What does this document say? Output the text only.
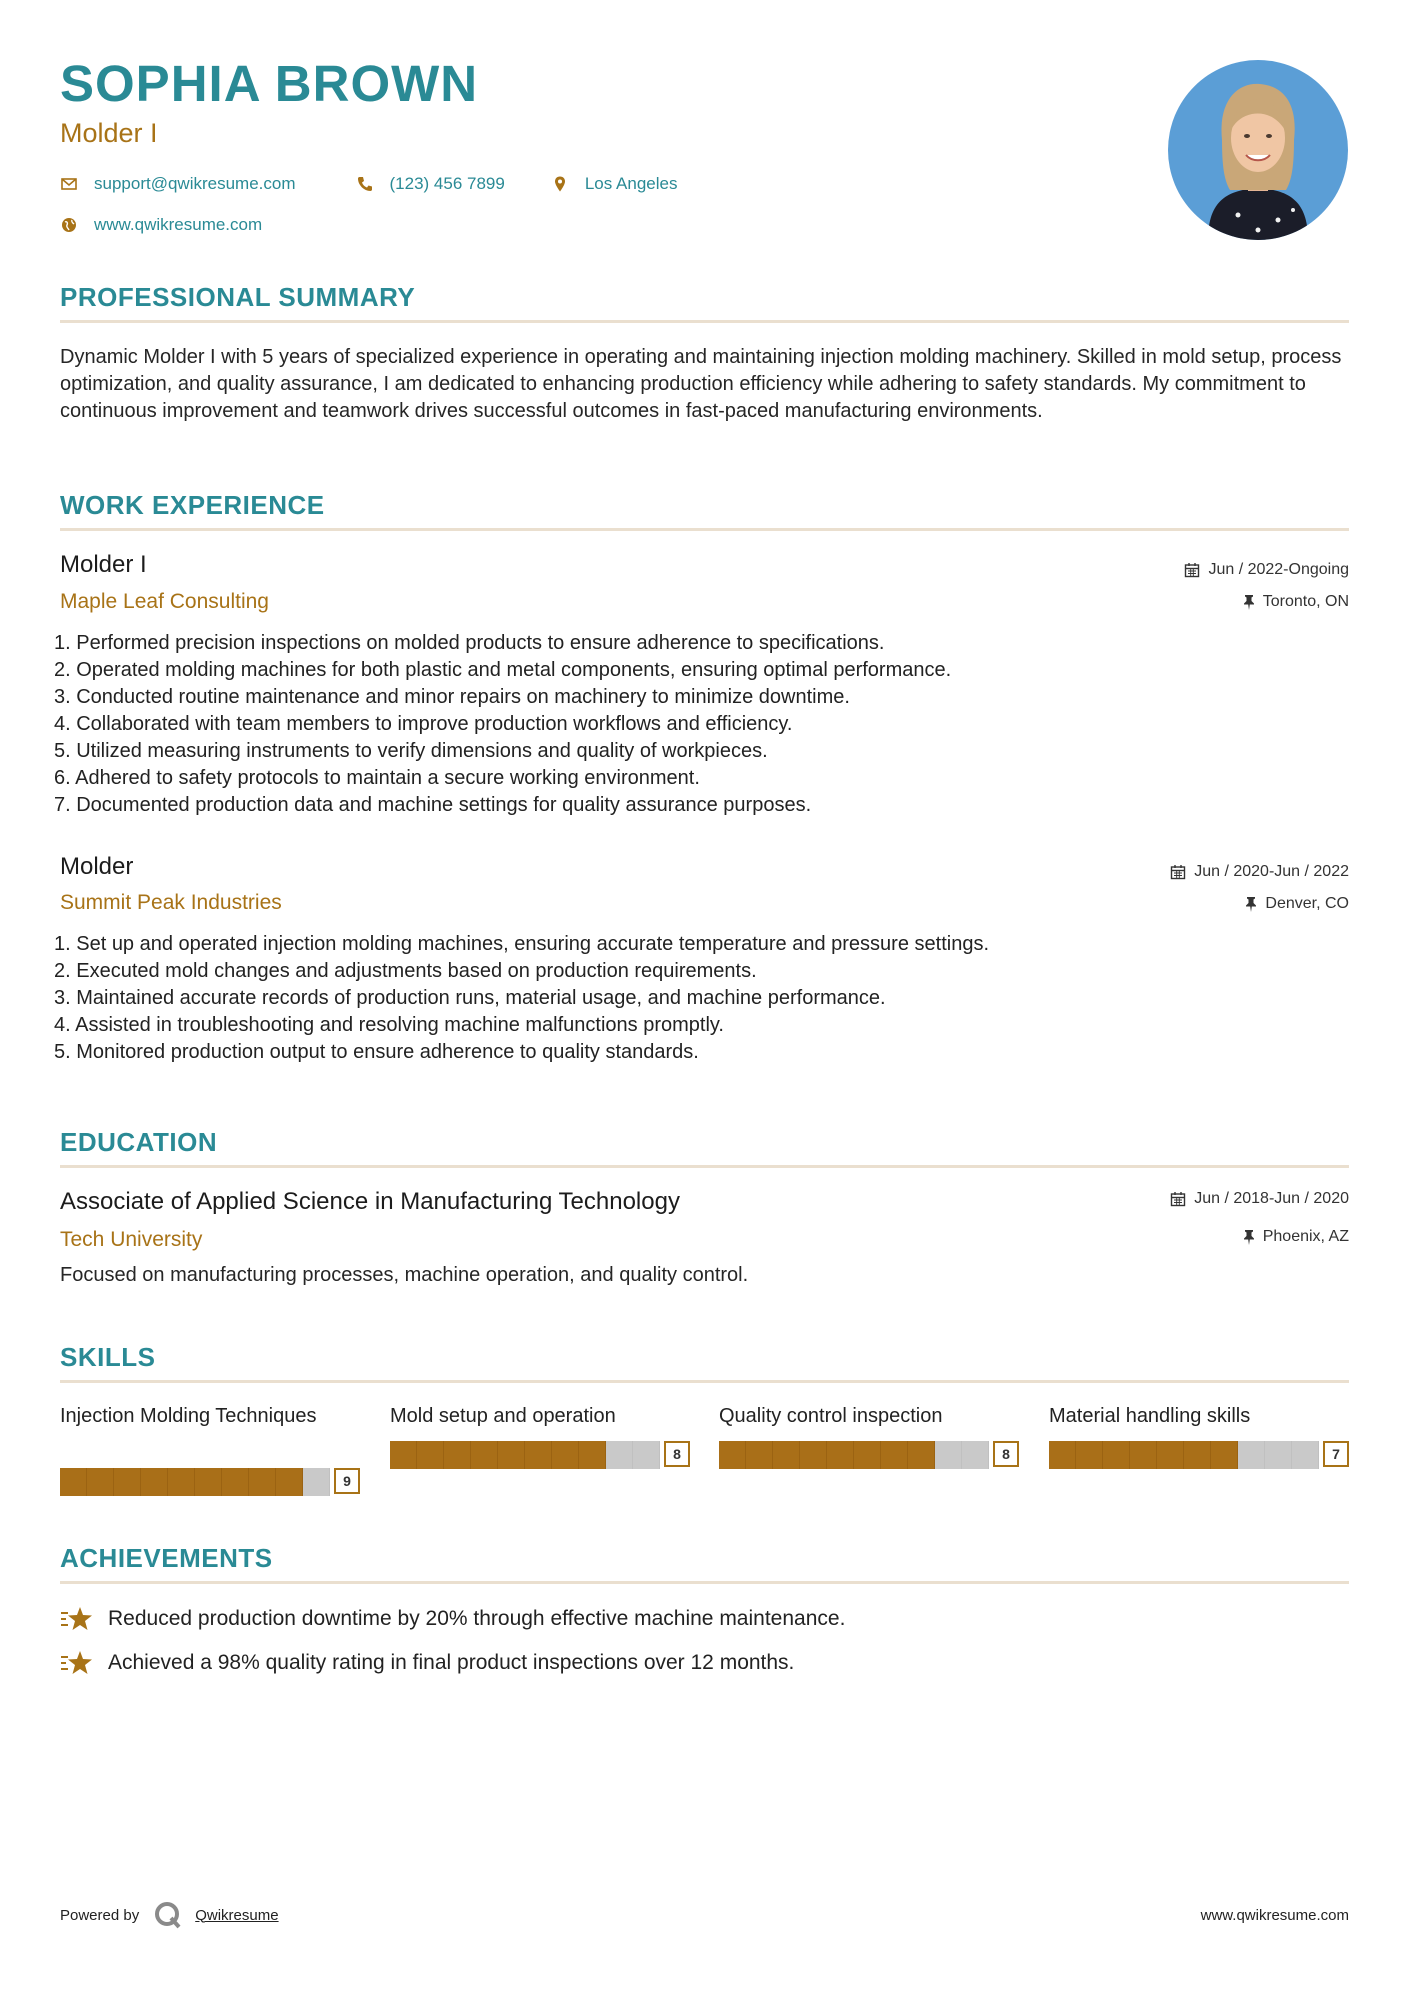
SOPHIA BROWN
Molder I
support@qwikresume.com	(123) 456 7899	Los Angeles
www.qwikresume.com
PROFESSIONAL SUMMARY
Dynamic Molder I with 5 years of specialized experience in operating and maintaining injection molding machinery. Skilled in mold setup, process optimization, and quality assurance, I am dedicated to enhancing production efficiency while adhering to safety standards. My commitment to continuous improvement and teamwork drives successful outcomes in fast-paced manufacturing environments.
WORK EXPERIENCE
Molder I
Maple Leaf Consulting
Jun / 2022-Ongoing
Toronto, ON
1. Performed precision inspections on molded products to ensure adherence to specifications.
2. Operated molding machines for both plastic and metal components, ensuring optimal performance.
3. Conducted routine maintenance and minor repairs on machinery to minimize downtime.
4. Collaborated with team members to improve production workflows and efficiency.
5. Utilized measuring instruments to verify dimensions and quality of workpieces.
6. Adhered to safety protocols to maintain a secure working environment.
7. Documented production data and machine settings for quality assurance purposes.
Molder
Summit Peak Industries
Jun / 2020-Jun / 2022
Denver, CO
1. Set up and operated injection molding machines, ensuring accurate temperature and pressure settings.
2. Executed mold changes and adjustments based on production requirements.
3. Maintained accurate records of production runs, material usage, and machine performance.
4. Assisted in troubleshooting and resolving machine malfunctions promptly.
5. Monitored production output to ensure adherence to quality standards.
EDUCATION
Associate of Applied Science in Manufacturing Technology
Tech University
Jun / 2018-Jun / 2020
Phoenix, AZ
Focused on manufacturing processes, machine operation, and quality control.
SKILLS
Injection Molding Techniques
9
Mold setup and operation
8
Quality control inspection
8
Material handling skills
7
ACHIEVEMENTS
Reduced production downtime by 20% through effective machine maintenance.
Achieved a 98% quality rating in final product inspections over 12 months.
Powered by	Qwikresume	www.qwikresume.com
